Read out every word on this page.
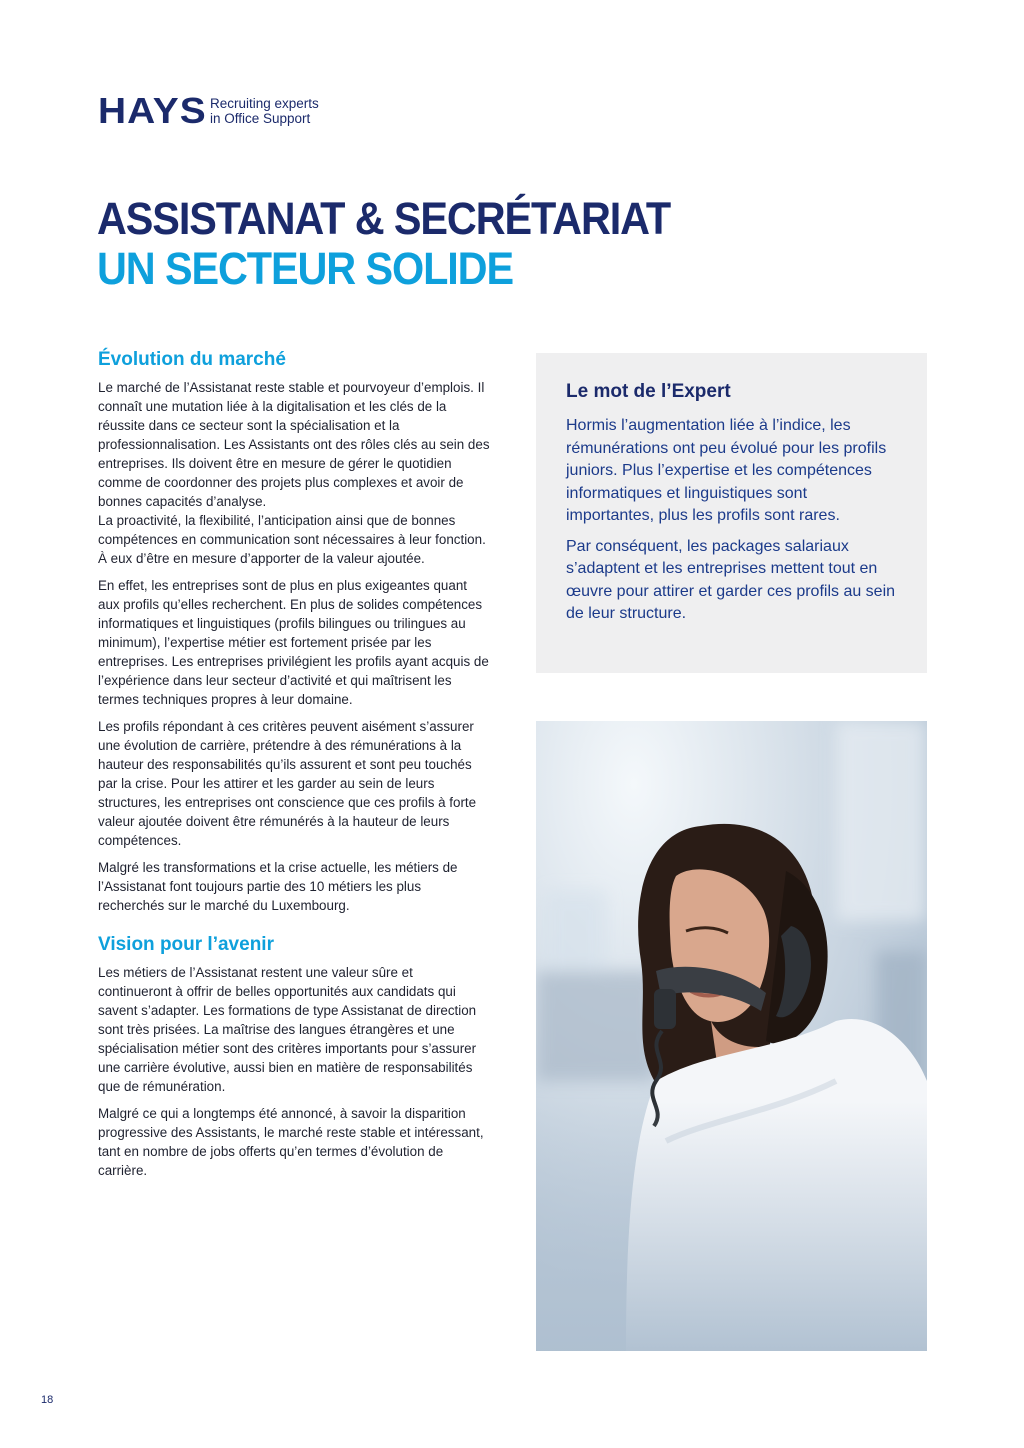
HAYS Recruiting experts
in Office Support
ASSISTANAT & SECRÉTARIAT
UN SECTEUR SOLIDE
Évolution du marché

Le marché de l’Assistanat reste stable et pourvoyeur d’emplois. Il connaît une mutation liée à la digitalisation et les clés de la réussite dans ce secteur sont la spécialisation et la professionnalisation. Les Assistants ont des rôles clés au sein des entreprises. Ils doivent être en mesure de gérer le quotidien comme de coordonner des projets plus complexes et avoir de bonnes capacités d’analyse.

La proactivité, la flexibilité, l’anticipation ainsi que de bonnes compétences en communication sont nécessaires à leur fonction. À eux d’être en mesure d’apporter de la valeur ajoutée.

En effet, les entreprises sont de plus en plus exigeantes quant aux profils qu’elles recherchent. En plus de solides compétences informatiques et linguistiques (profils bilingues ou trilingues au minimum), l’expertise métier est fortement prisée par les entreprises. Les entreprises privilégient les profils ayant acquis de l’expérience dans leur secteur d’activité et qui maîtrisent les termes techniques propres à leur domaine.

Les profils répondant à ces critères peuvent aisément s’assurer une évolution de carrière, prétendre à des rémunérations à la hauteur des responsabilités qu’ils assurent et sont peu touchés par la crise. Pour les attirer et les garder au sein de leurs structures, les entreprises ont conscience que ces profils à forte valeur ajoutée doivent être rémunérés à la hauteur de leurs compétences.

Malgré les transformations et la crise actuelle, les métiers de l’Assistanat font toujours partie des 10 métiers les plus recherchés sur le marché du Luxembourg.

Vision pour l’avenir

Les métiers de l’Assistanat restent une valeur sûre et continueront à offrir de belles opportunités aux candidats qui savent s’adapter. Les formations de type Assistanat de direction sont très prisées. La maîtrise des langues étrangères et une spécialisation métier sont des critères importants pour s’assurer une carrière évolutive, aussi bien en matière de responsabilités que de rémunération.

Malgré ce qui a longtemps été annoncé, à savoir la disparition progressive des Assistants, le marché reste stable et intéressant, tant en nombre de jobs offerts qu’en termes d’évolution de carrière.

Le mot de l’Expert

Hormis l’augmentation liée à l’indice, les rémunérations ont peu évolué pour les profils juniors. Plus l’expertise et les compétences informatiques et linguistiques sont importantes, plus les profils sont rares.

Par conséquent, les packages salariaux s’adaptent et les entreprises mettent tout en œuvre pour attirer et garder ces profils au sein de leur structure.

18
